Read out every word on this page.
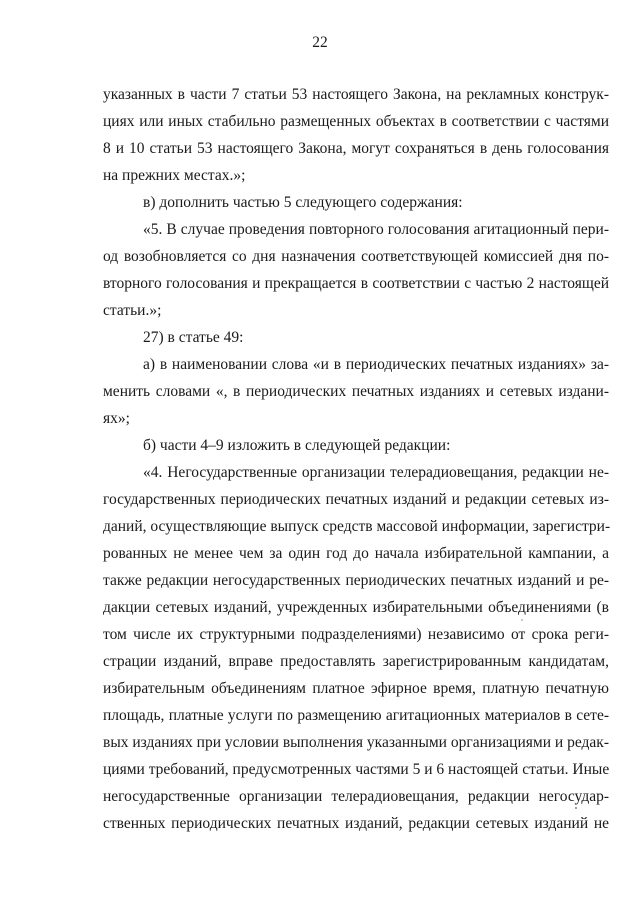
22
указанных в части 7 статьи 53 настоящего Закона, на рекламных конструк-
циях или иных стабильно размещенных объектах в соответствии с частями
8 и 10 статьи 53 настоящего Закона, могут сохраняться в день голосования
на прежних местах.»;
в) дополнить частью 5 следующего содержания:
«5. В случае проведения повторного голосования агитационный пери-
од возобновляется со дня назначения соответствующей комиссией дня по-
вторного голосования и прекращается в соответствии с частью 2 настоящей
статьи.»;
27) в статье 49:
а) в наименовании слова «и в периодических печатных изданиях» за-
менить словами «, в периодических печатных изданиях и сетевых издани-
ях»;
б) части 4–9 изложить в следующей редакции:
«4. Негосударственные организации телерадиовещания, редакции не-
государственных периодических печатных изданий и редакции сетевых из-
даний, осуществляющие выпуск средств массовой информации, зарегистри-
рованных не менее чем за один год до начала избирательной кампании, а
также редакции негосударственных периодических печатных изданий и ре-
дакции сетевых изданий, учрежденных избирательными объединениями (в
том числе их структурными подразделениями) независимо от срока реги-
страции изданий, вправе предоставлять зарегистрированным кандидатам,
избирательным объединениям платное эфирное время, платную печатную
площадь, платные услуги по размещению агитационных материалов в сете-
вых изданиях при условии выполнения указанными организациями и редак-
циями требований, предусмотренных частями 5 и 6 настоящей статьи. Иные
негосударственные организации телерадиовещания, редакции негосудар-
ственных периодических печатных изданий, редакции сетевых изданий не
